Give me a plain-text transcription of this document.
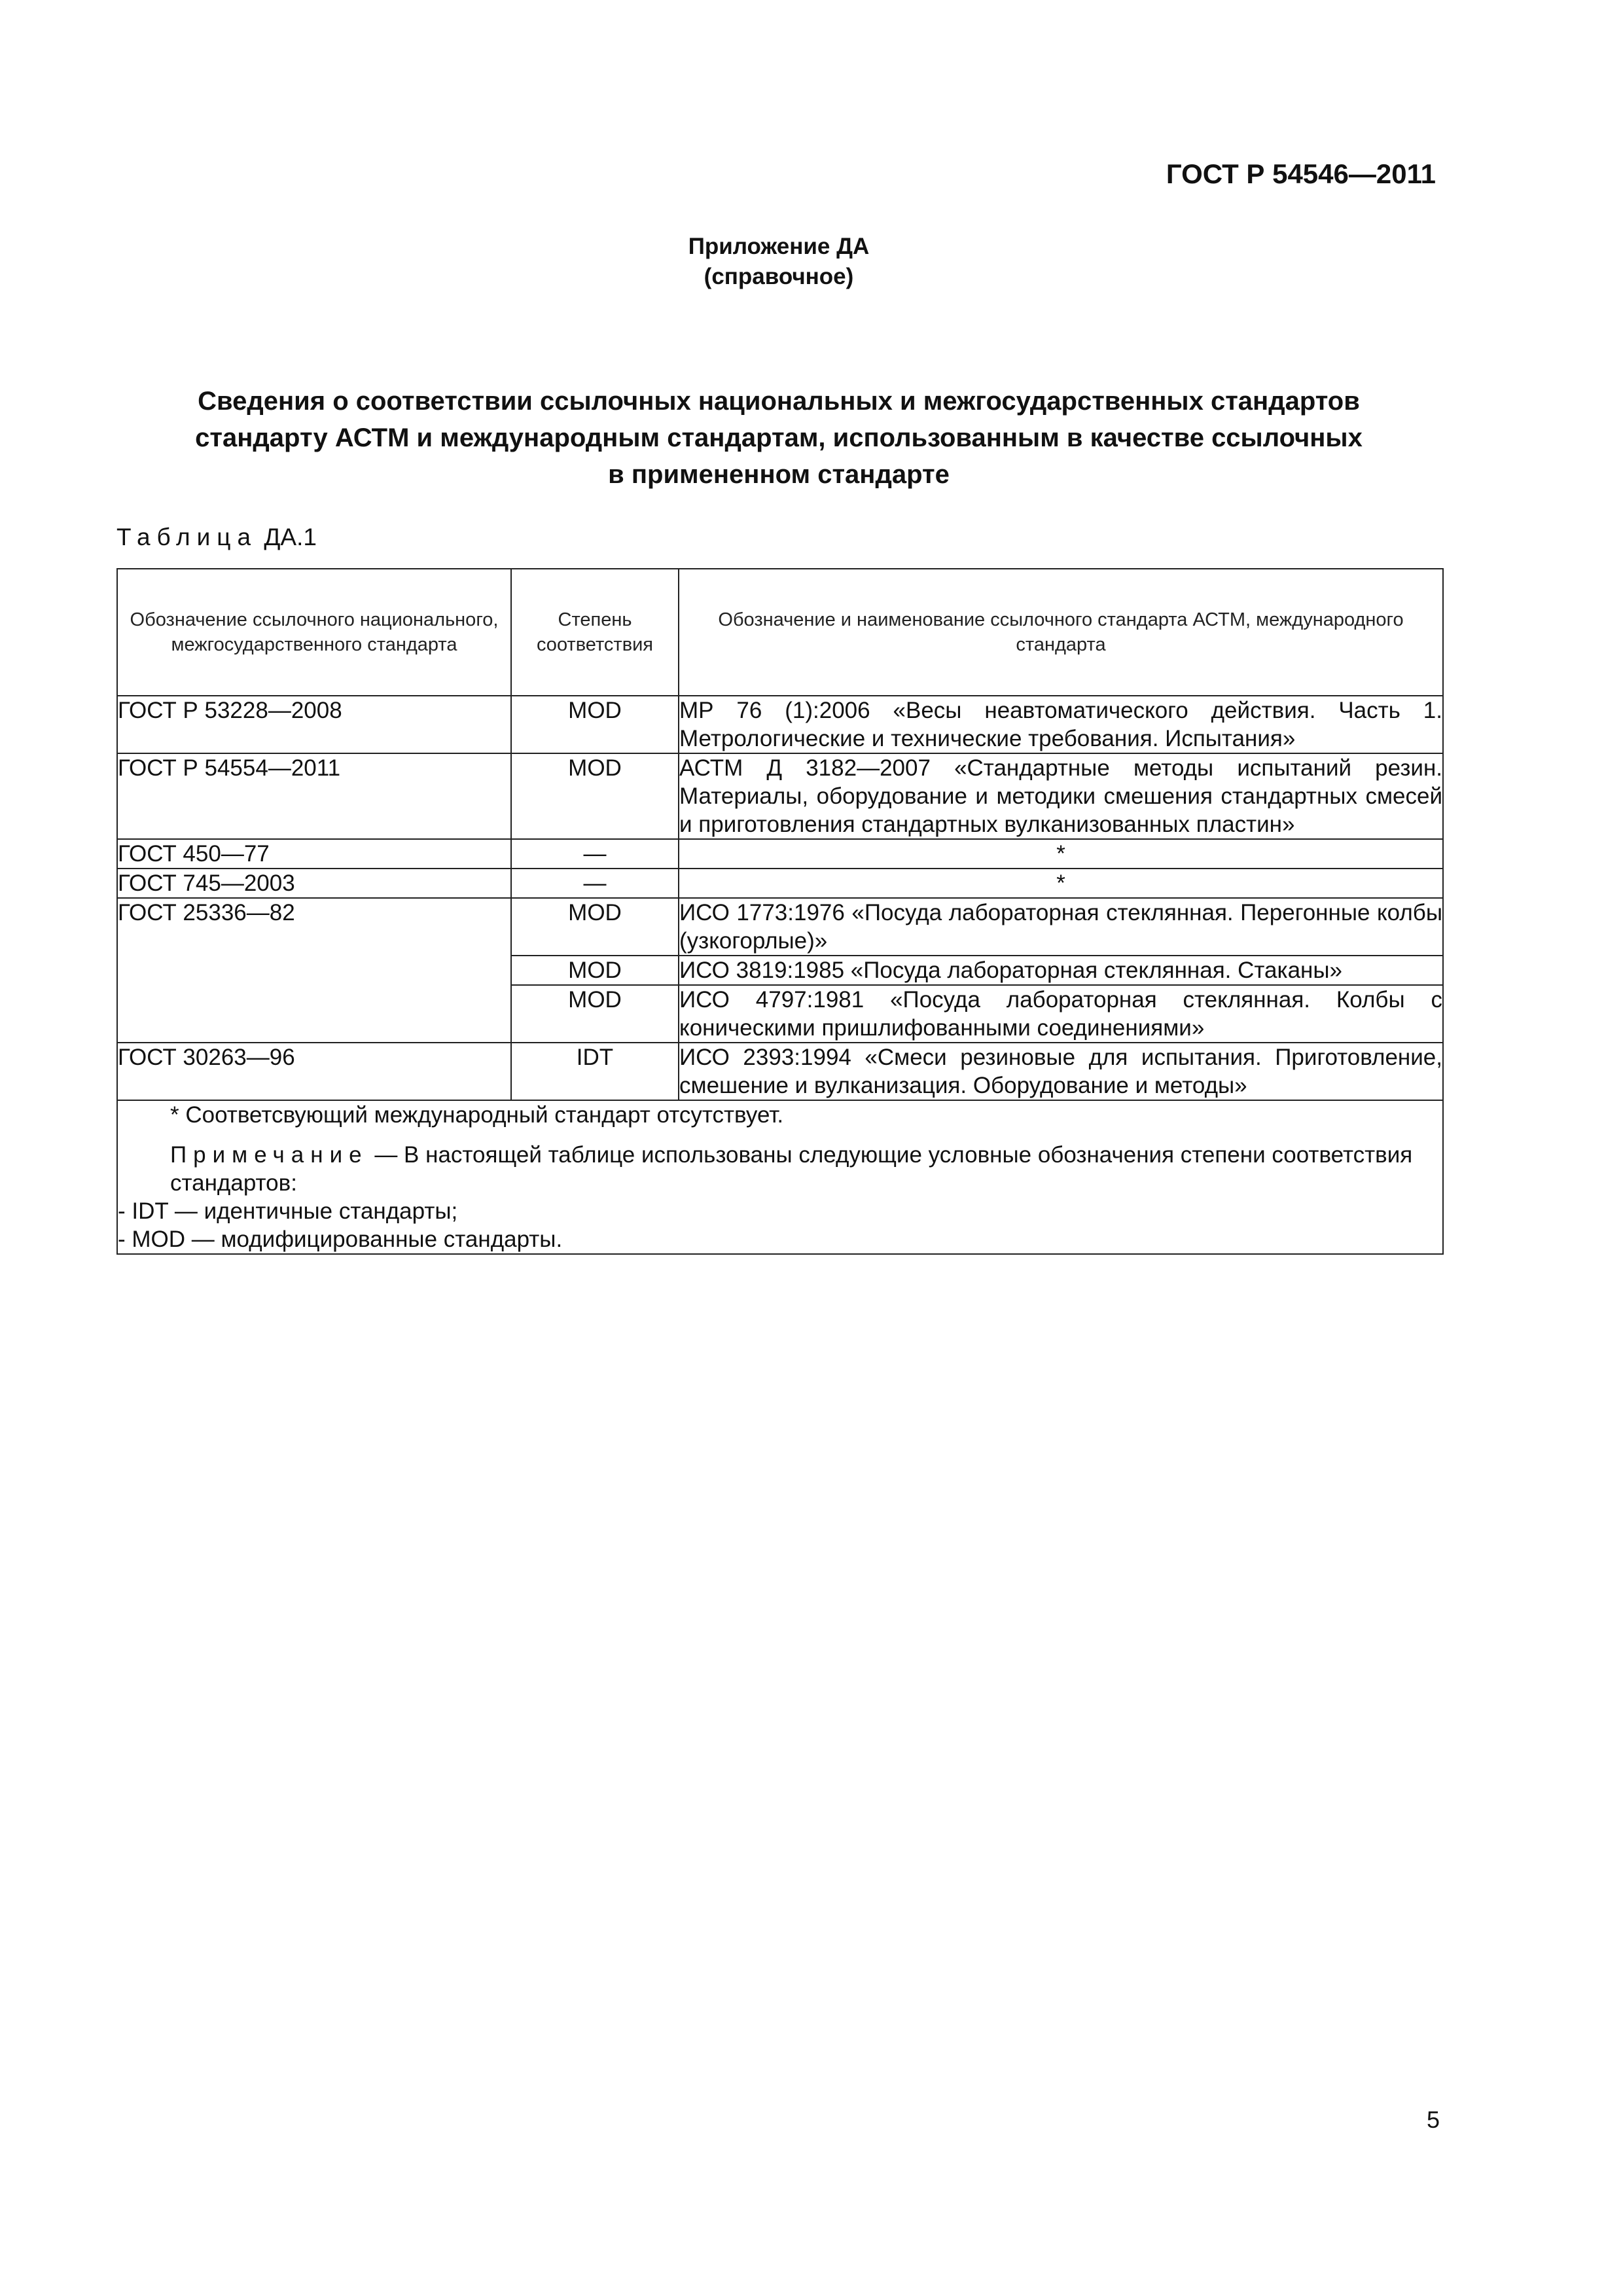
ГОСТ Р 54546—2011
Приложение ДА
(справочное)
Сведения о соответствии ссылочных национальных и межгосударственных стандартов
стандарту АСТМ и международным стандартам, использованным в качестве ссылочных
в примененном стандарте
Таблица ДА.1
Обозначение ссылочного национального, межгосударственного стандарта	Степень соответствия	Обозначение и наименование ссылочного стандарта АСТМ, международного стандарта
ГОСТ Р 53228—2008	MOD	МР 76 (1):2006 «Весы неавтоматического действия. Часть 1. Метрологические и технические требования. Испытания»
ГОСТ Р 54554—2011	MOD	АСТМ Д 3182—2007 «Стандартные методы испытаний резин. Материалы, оборудование и методики смешения стандартных смесей и приготовления стандартных вулканизованных пластин»
ГОСТ 450—77	—	*
ГОСТ 745—2003	—	*
ГОСТ 25336—82	MOD	ИСО 1773:1976 «Посуда лабораторная стеклянная. Перегонные колбы (узкогорлые)»
	MOD	ИСО 3819:1985 «Посуда лабораторная стеклянная. Стаканы»
	MOD	ИСО 4797:1981 «Посуда лабораторная стеклянная. Колбы с коническими пришлифованными соединениями»
ГОСТ 30263—96	IDT	ИСО 2393:1994 «Смеси резиновые для испытания. Приготовление, смешение и вулканизация. Оборудование и методы»

* Соответсвующий международный стандарт отсутствует.

Примечание — В настоящей таблице использованы следующие условные обозначения степени соответствия стандартов:

- IDT — идентичные стандарты;

- MOD — модифицированные стандарты.		

5
